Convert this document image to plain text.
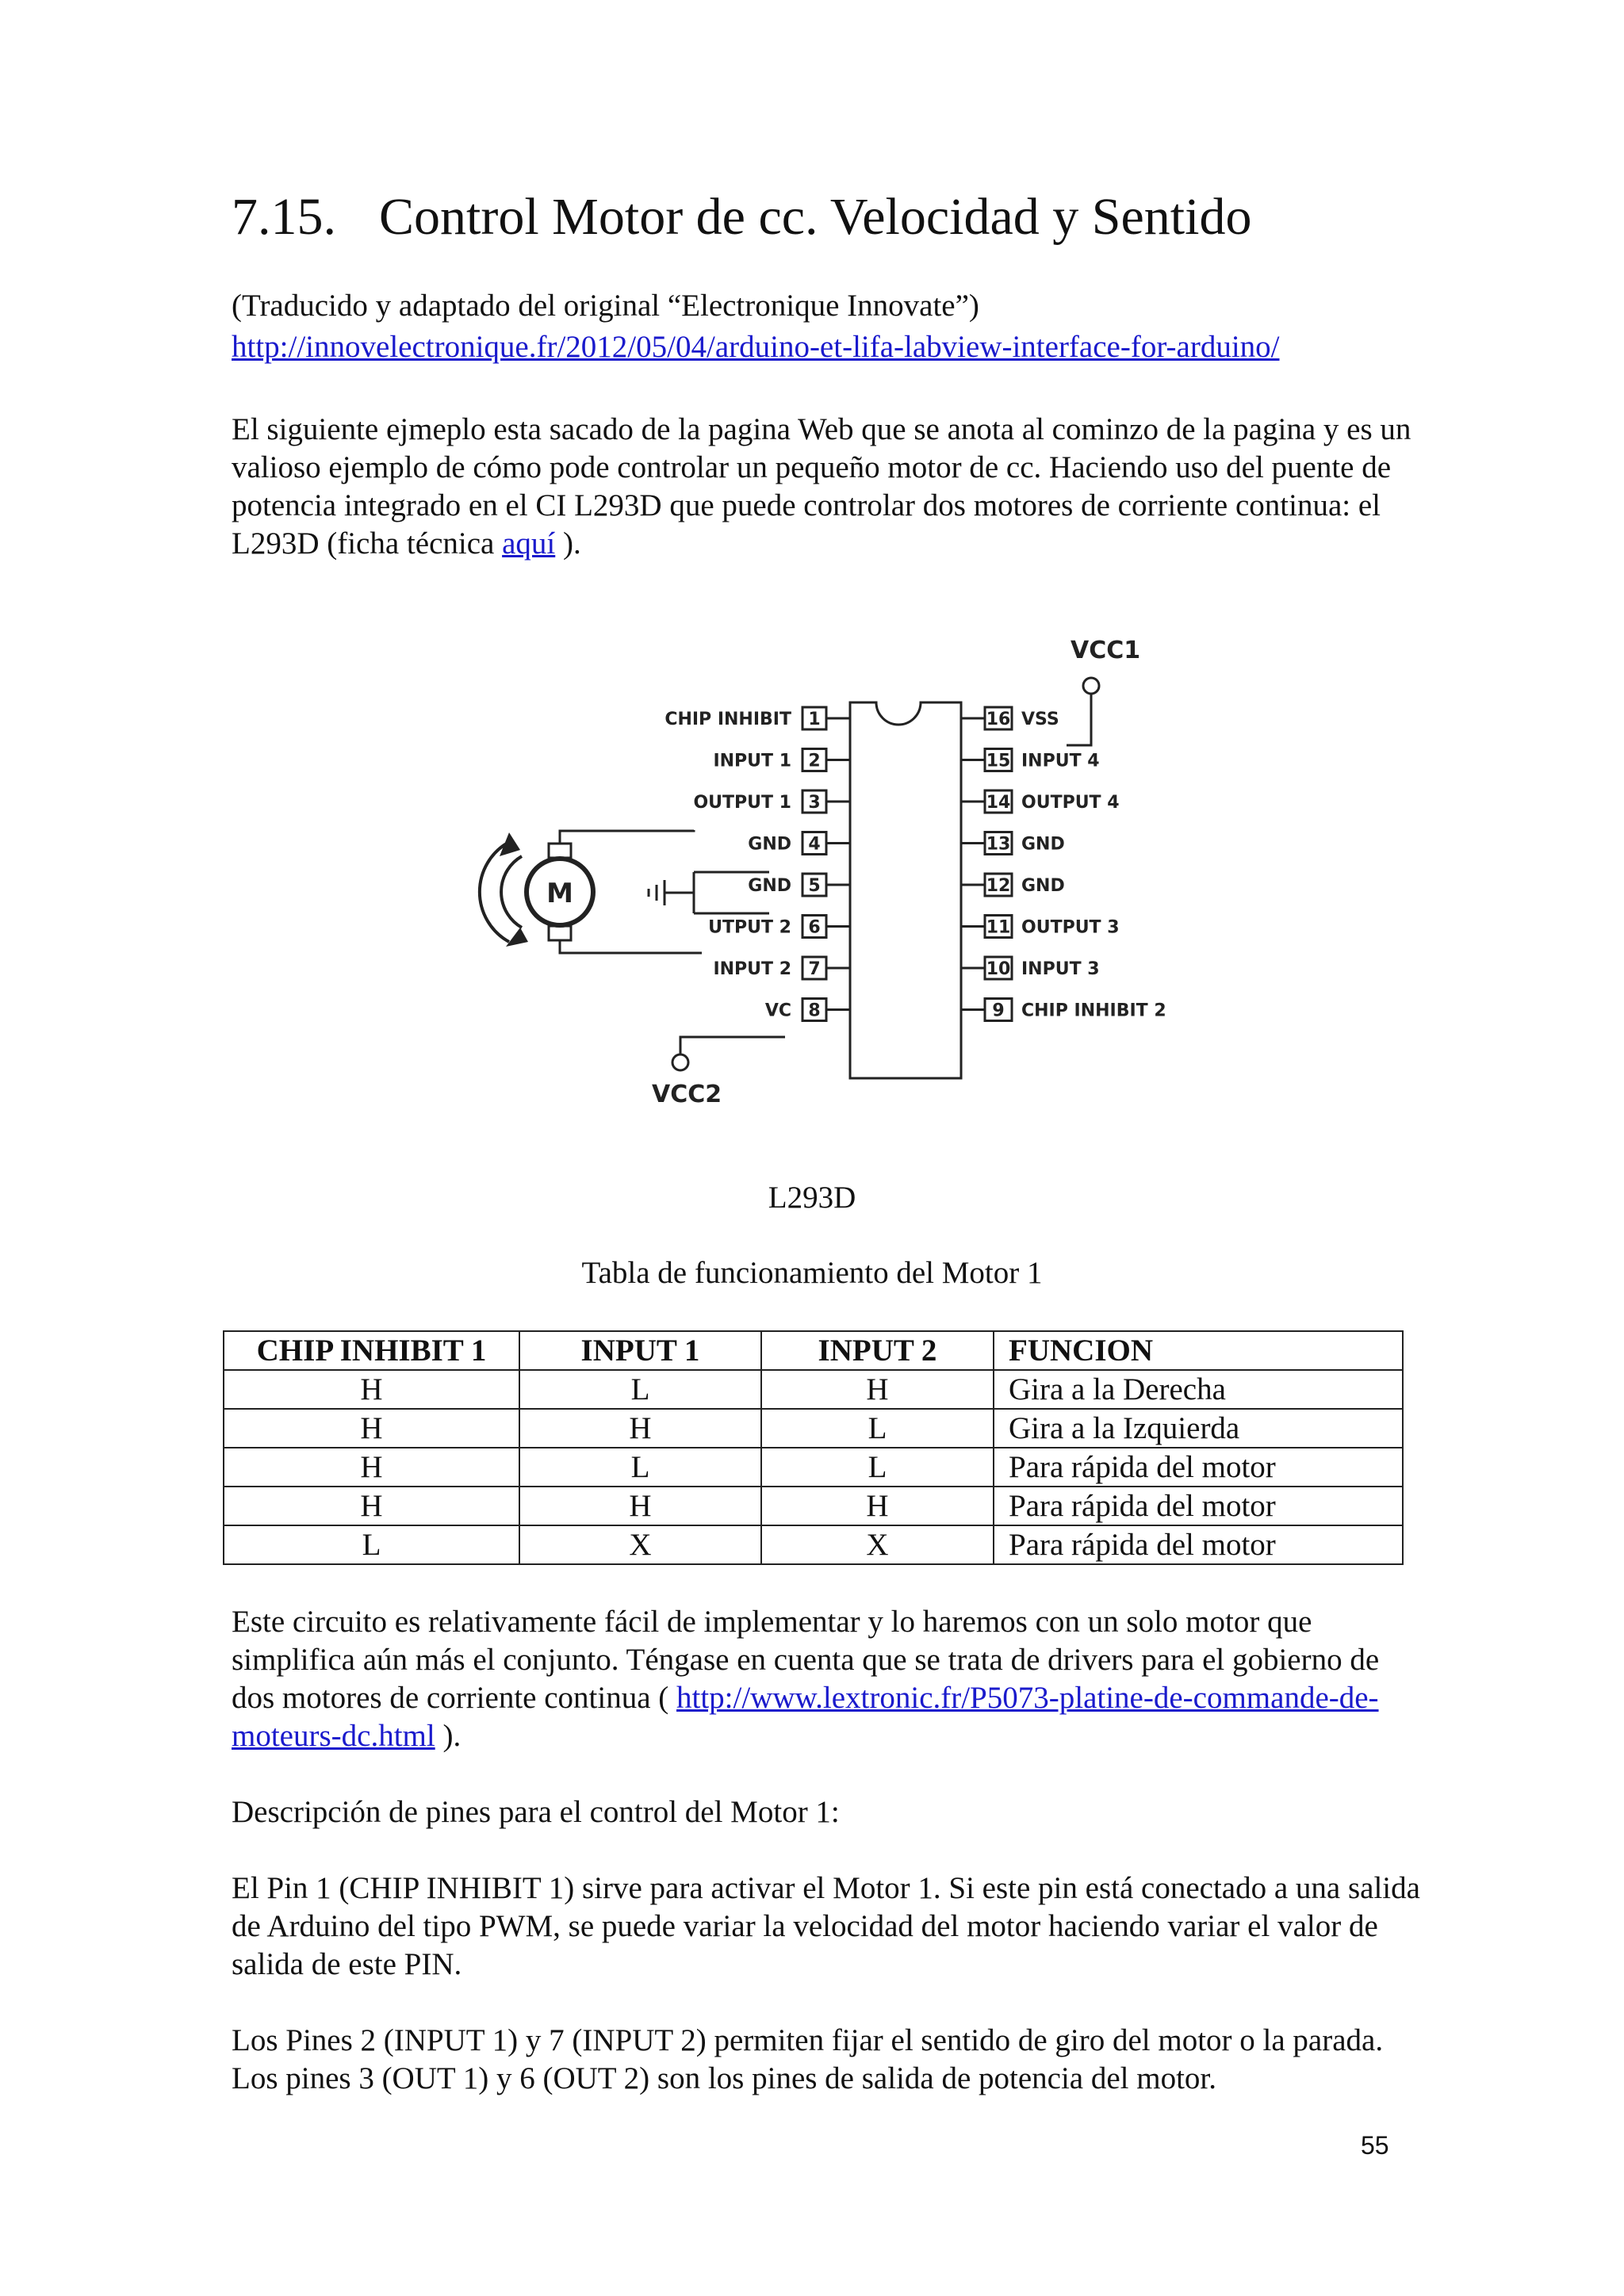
7.15. Control Motor de cc. Velocidad y Sentido

(Traducido y adaptado del original “Electronique Innovate”)

http://innovelectronique.fr/2012/05/04/arduino-et-lifa-labview-interface-for-arduino/

El siguiente ejmeplo esta sacado de la pagina Web que se anota al cominzo de la pagina y es un valioso ejemplo de cómo pode controlar un pequeño motor de cc. Haciendo uso del puente de potencia integrado en el CI L293D que puede controlar dos motores de corriente continua: el L293D (ficha técnica aquí ).

1
CHIP INHIBIT
2
INPUT 1
3
OUTPUT 1
4
GND
5
GND
6
UTPUT 2
7
INPUT 2
8
VC
16 VSS
15 INPUT 4
14 OUTPUT 4
13 GND
12 GND
11 OUTPUT 3
10 INPUT 3
9 CHIP INHIBIT 2
VCC1
VCC2
M
L293D
Tabla de funcionamiento del Motor 1
CHIP INHIBIT 1	INPUT 1	INPUT 2	FUNCION
H	L	H	Gira a la Derecha
H	H	L	Gira a la Izquierda
H	L	L	Para rápida del motor
H	H	H	Para rápida del motor
L	X	X	Para rápida del motor

Este circuito es relativamente fácil de implementar y lo haremos con un solo motor que simplifica aún más el conjunto. Téngase en cuenta que se trata de drivers para el gobierno de dos motores de corriente continua ( http://www.lextronic.fr/P5073-platine-de-commande-de-moteurs-dc.html ).

Descripción de pines para el control del Motor 1:

El Pin 1 (CHIP INHIBIT 1) sirve para activar el Motor 1. Si este pin está conectado a una salida de Arduino del tipo PWM, se puede variar la velocidad del motor haciendo variar el valor de salida de este PIN.

Los Pines 2 (INPUT 1) y 7 (INPUT 2) permiten fijar el sentido de giro del motor o la parada. Los pines 3 (OUT 1) y 6 (OUT 2) son los pines de salida de potencia del motor.

55
